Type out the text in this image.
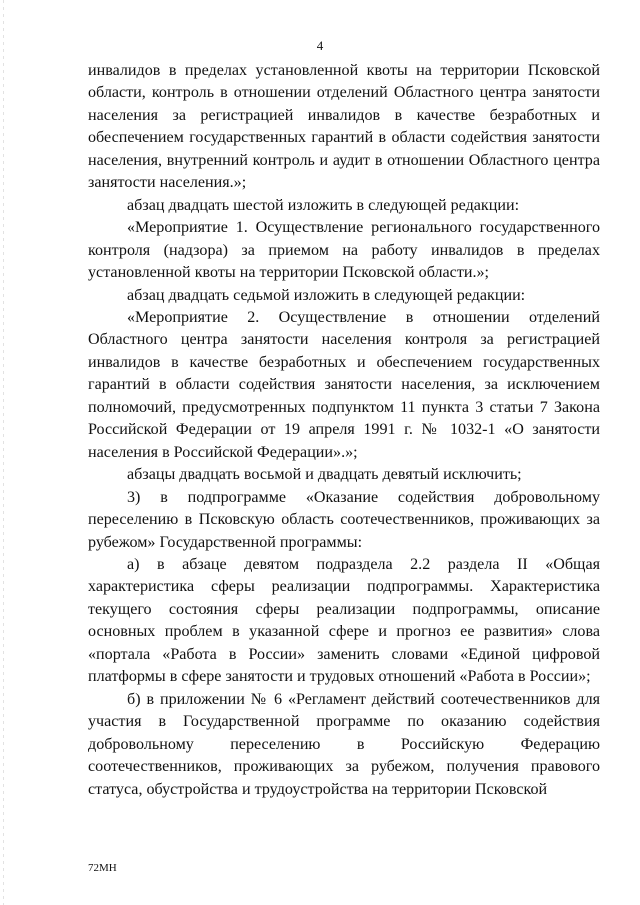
4

инвалидов в пределах установленной квоты на территории Псковской области, контроль в отношении отделений Областного центра занятости населения за регистрацией инвалидов в качестве безработных и обеспечением государственных гарантий в области содействия занятости населения, внутренний контроль и аудит в отношении Областного центра занятости населения.»;

абзац двадцать шестой изложить в следующей редакции:

«Мероприятие 1. Осуществление регионального государственного контроля (надзора) за приемом на работу инвалидов в пределах установленной квоты на территории Псковской области.»;

абзац двадцать седьмой изложить в следующей редакции:

«Мероприятие 2. Осуществление в отношении отделений Областного центра занятости населения контроля за регистрацией инвалидов в качестве безработных и обеспечением государственных гарантий в области содействия занятости населения, за исключением полномочий, предусмотренных подпунктом 11 пункта 3 статьи 7 Закона Российской Федерации от 19 апреля 1991 г. № 1032-1 «О занятости населения в Российской Федерации».»;

абзацы двадцать восьмой и двадцать девятый исключить;

3) в подпрограмме «Оказание содействия добровольному переселению в Псковскую область соотечественников, проживающих за рубежом» Государственной программы:

а) в абзаце девятом подраздела 2.2 раздела II «Общая характеристика сферы реализации подпрограммы. Характеристика текущего состояния сферы реализации подпрограммы, описание основных проблем в указанной сфере и прогноз ее развития» слова «портала «Работа в России» заменить словами «Единой цифровой платформы в сфере занятости и трудовых отношений «Работа в России»;

б) в приложении № 6 «Регламент действий соотечественников для участия в Государственной программе по оказанию содействия добровольному переселению в Российскую Федерацию соотечественников, проживающих за рубежом, получения правового статуса, обустройства и трудоустройства на территории Псковской

72МН
